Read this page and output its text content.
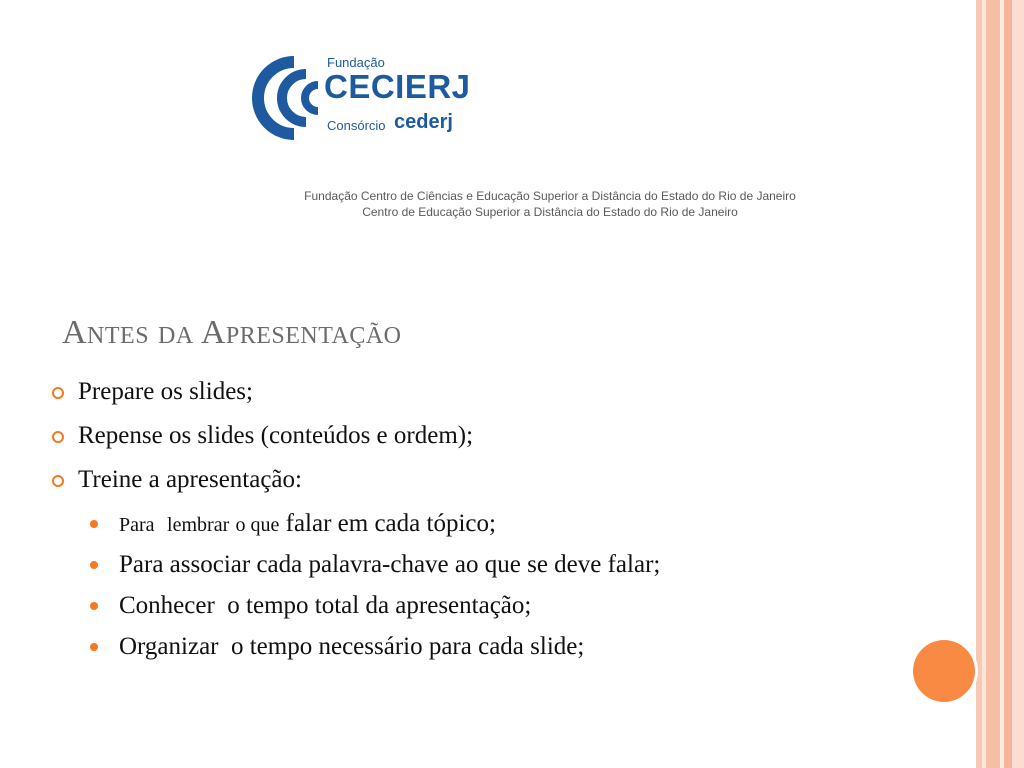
Fundação
CECIERJ
Consórcio cederj
Fundação Centro de Ciências e Educação Superior a Distância do Estado do Rio de Janeiro
Centro de Educação Superior a Distância do Estado do Rio de Janeiro
Antes da Apresentação
Prepare os slides;
Repense os slides (conteúdos e ordem);
Treine a apresentação:
Para lembrar o que falar em cada tópico;
Para associar cada palavra-chave ao que se deve falar;
Conhecer  o tempo total da apresentação;
Organizar  o tempo necessário para cada slide;
